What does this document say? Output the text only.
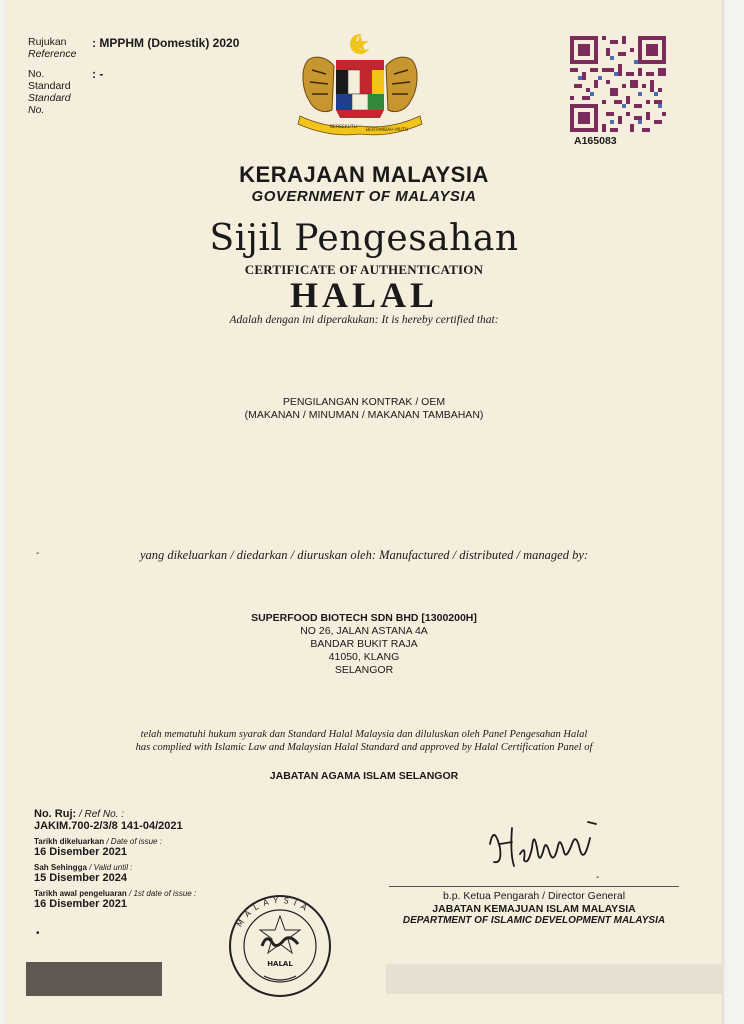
Rujukan
Reference
: MPPHM (Domestik) 2020
No.
Standard
Standard
No.
: -
BERSEKUTU
BERTAMBAH MUTU
A165083
KERAJAAN MALAYSIA
GOVERNMENT OF MALAYSIA
Sijil Pengesahan
CERTIFICATE OF AUTHENTICATION
HALAL
Adalah dengan ini diperakukan: It is hereby certified that:
PENGILANGAN KONTRAK / OEM
(MAKANAN / MINUMAN / MAKANAN TAMBAHAN)
-	yang dikeluarkan / diedarkan / diuruskan oleh: Manufactured / distributed / managed by:
SUPERFOOD BIOTECH SDN BHD [1300200H]
NO 26, JALAN ASTANA 4A
BANDAR BUKIT RAJA
41050, KLANG
SELANGOR
telah mematuhi hukum syarak dan Standard Halal Malaysia dan diluluskan oleh Panel Pengesahan Halal
has complied with Islamic Law and Malaysian Halal Standard and approved by Halal Certification Panel of
JABATAN AGAMA ISLAM SELANGOR
No. Ruj: / Ref No. :
JAKIM.700-2/3/8 141-04/2021
Tarikh dikeluarkan / Date of issue :
16 Disember 2021
Sah Sehingga / Valid until :
15 Disember 2024
Tarikh awal pengeluaran / 1st date of issue :
16 Disember 2021
•
MALAYSIA
HALAL
-
b.p. Ketua Pengarah / Director General
JABATAN KEMAJUAN ISLAM MALAYSIA
DEPARTMENT OF ISLAMIC DEVELOPMENT MALAYSIA
